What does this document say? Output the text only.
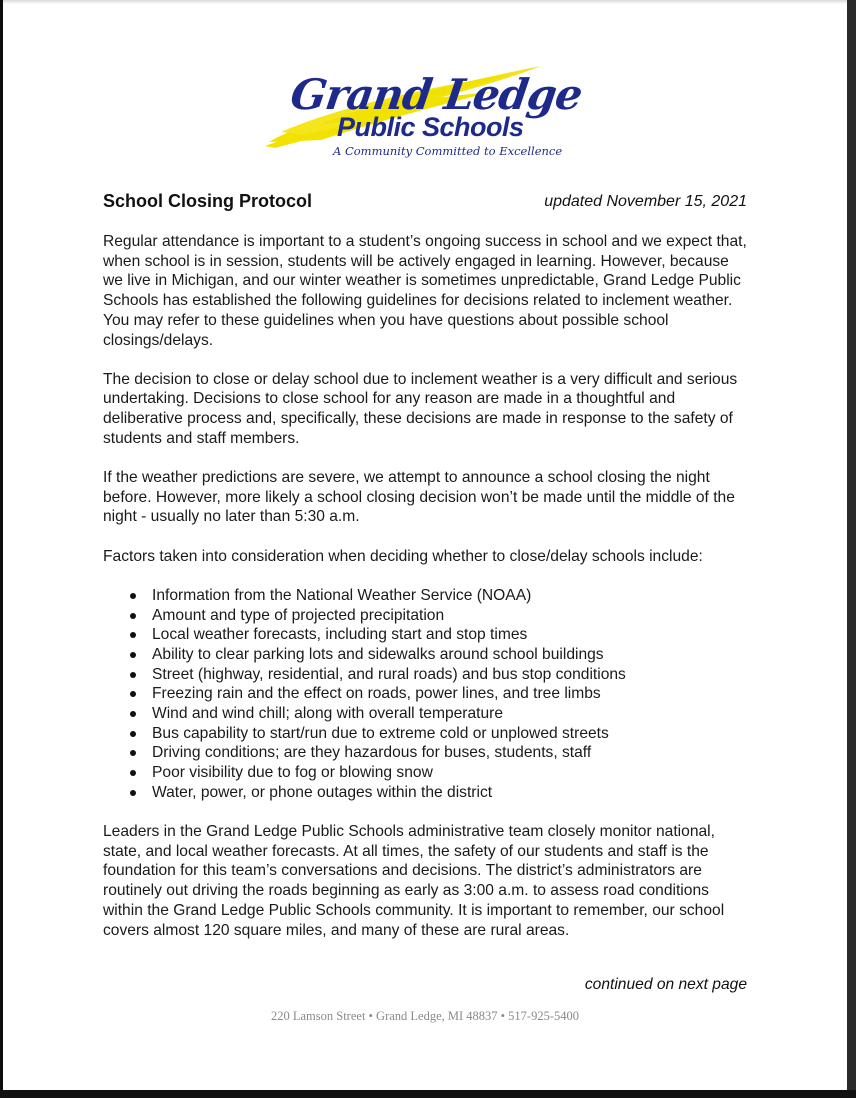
Grand Ledge
Public Schools
A Community Committed to Excellence
School Closing Protocol	updated November 15, 2021

Regular attendance is important to a student’s ongoing success in school and we expect that, when school is in session, students will be actively engaged in learning. However, because we live in Michigan, and our winter weather is sometimes unpredictable, Grand Ledge Public Schools has established the following guidelines for decisions related to inclement weather. You may refer to these guidelines when you have questions about possible school closings/delays.

The decision to close or delay school due to inclement weather is a very difficult and serious undertaking. Decisions to close school for any reason are made in a thoughtful and deliberative process and, specifically, these decisions are made in response to the safety of students and staff members.

If the weather predictions are severe, we attempt to announce a school closing the night before. However, more likely a school closing decision won’t be made until the middle of the night - usually no later than 5:30 a.m.

Factors taken into consideration when deciding whether to close/delay schools include:

Information from the National Weather Service (NOAA)
Amount and type of projected precipitation
Local weather forecasts, including start and stop times
Ability to clear parking lots and sidewalks around school buildings
Street (highway, residential, and rural roads) and bus stop conditions
Freezing rain and the effect on roads, power lines, and tree limbs
Wind and wind chill; along with overall temperature
Bus capability to start/run due to extreme cold or unplowed streets
Driving conditions; are they hazardous for buses, students, staff
Poor visibility due to fog or blowing snow
Water, power, or phone outages within the district

Leaders in the Grand Ledge Public Schools administrative team closely monitor national, state, and local weather forecasts. At all times, the safety of our students and staff is the foundation for this team’s conversations and decisions. The district’s administrators are routinely out driving the roads beginning as early as 3:00 a.m. to assess road conditions within the Grand Ledge Public Schools community. It is important to remember, our school covers almost 120 square miles, and many of these are rural areas.

continued on next page
220 Lamson Street • Grand Ledge, MI 48837 • 517-925-5400
